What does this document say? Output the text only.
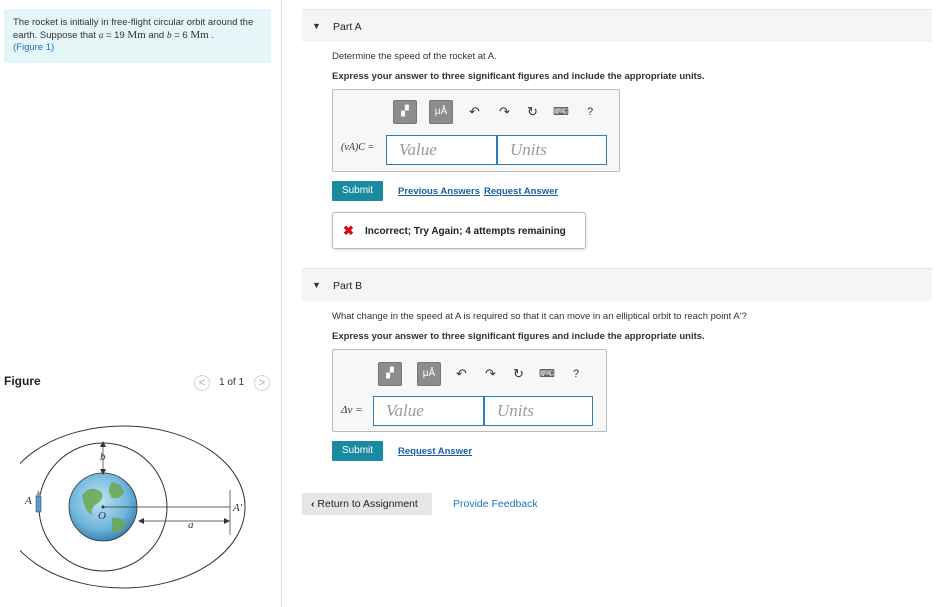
The rocket is initially in free-flight circular orbit around the
earth. Suppose that a = 19 Mm and b = 6 Mm .
(Figure 1)
Figure	<	1 of 1	>
A
b
O
a
A'
▼ Part A
Determine the speed of the rocket at A.
Express your answer to three significant figures and include the appropriate units.
▗▘	μÅ	↶ ↷ ↻ ⌨ ?
(vA)C =	Value	Units
Submit	Previous Answers Request Answer
✖ Incorrect; Try Again; 4 attempts remaining
▼ Part B
What change in the speed at A is required so that it can move in an elliptical orbit to reach point A′?
Express your answer to three significant figures and include the appropriate units.
▗▘	μÅ	↶ ↷ ↻ ⌨ ?
Δv =	Value	Units
Submit	Request Answer
‹ Return to Assignment	Provide Feedback
